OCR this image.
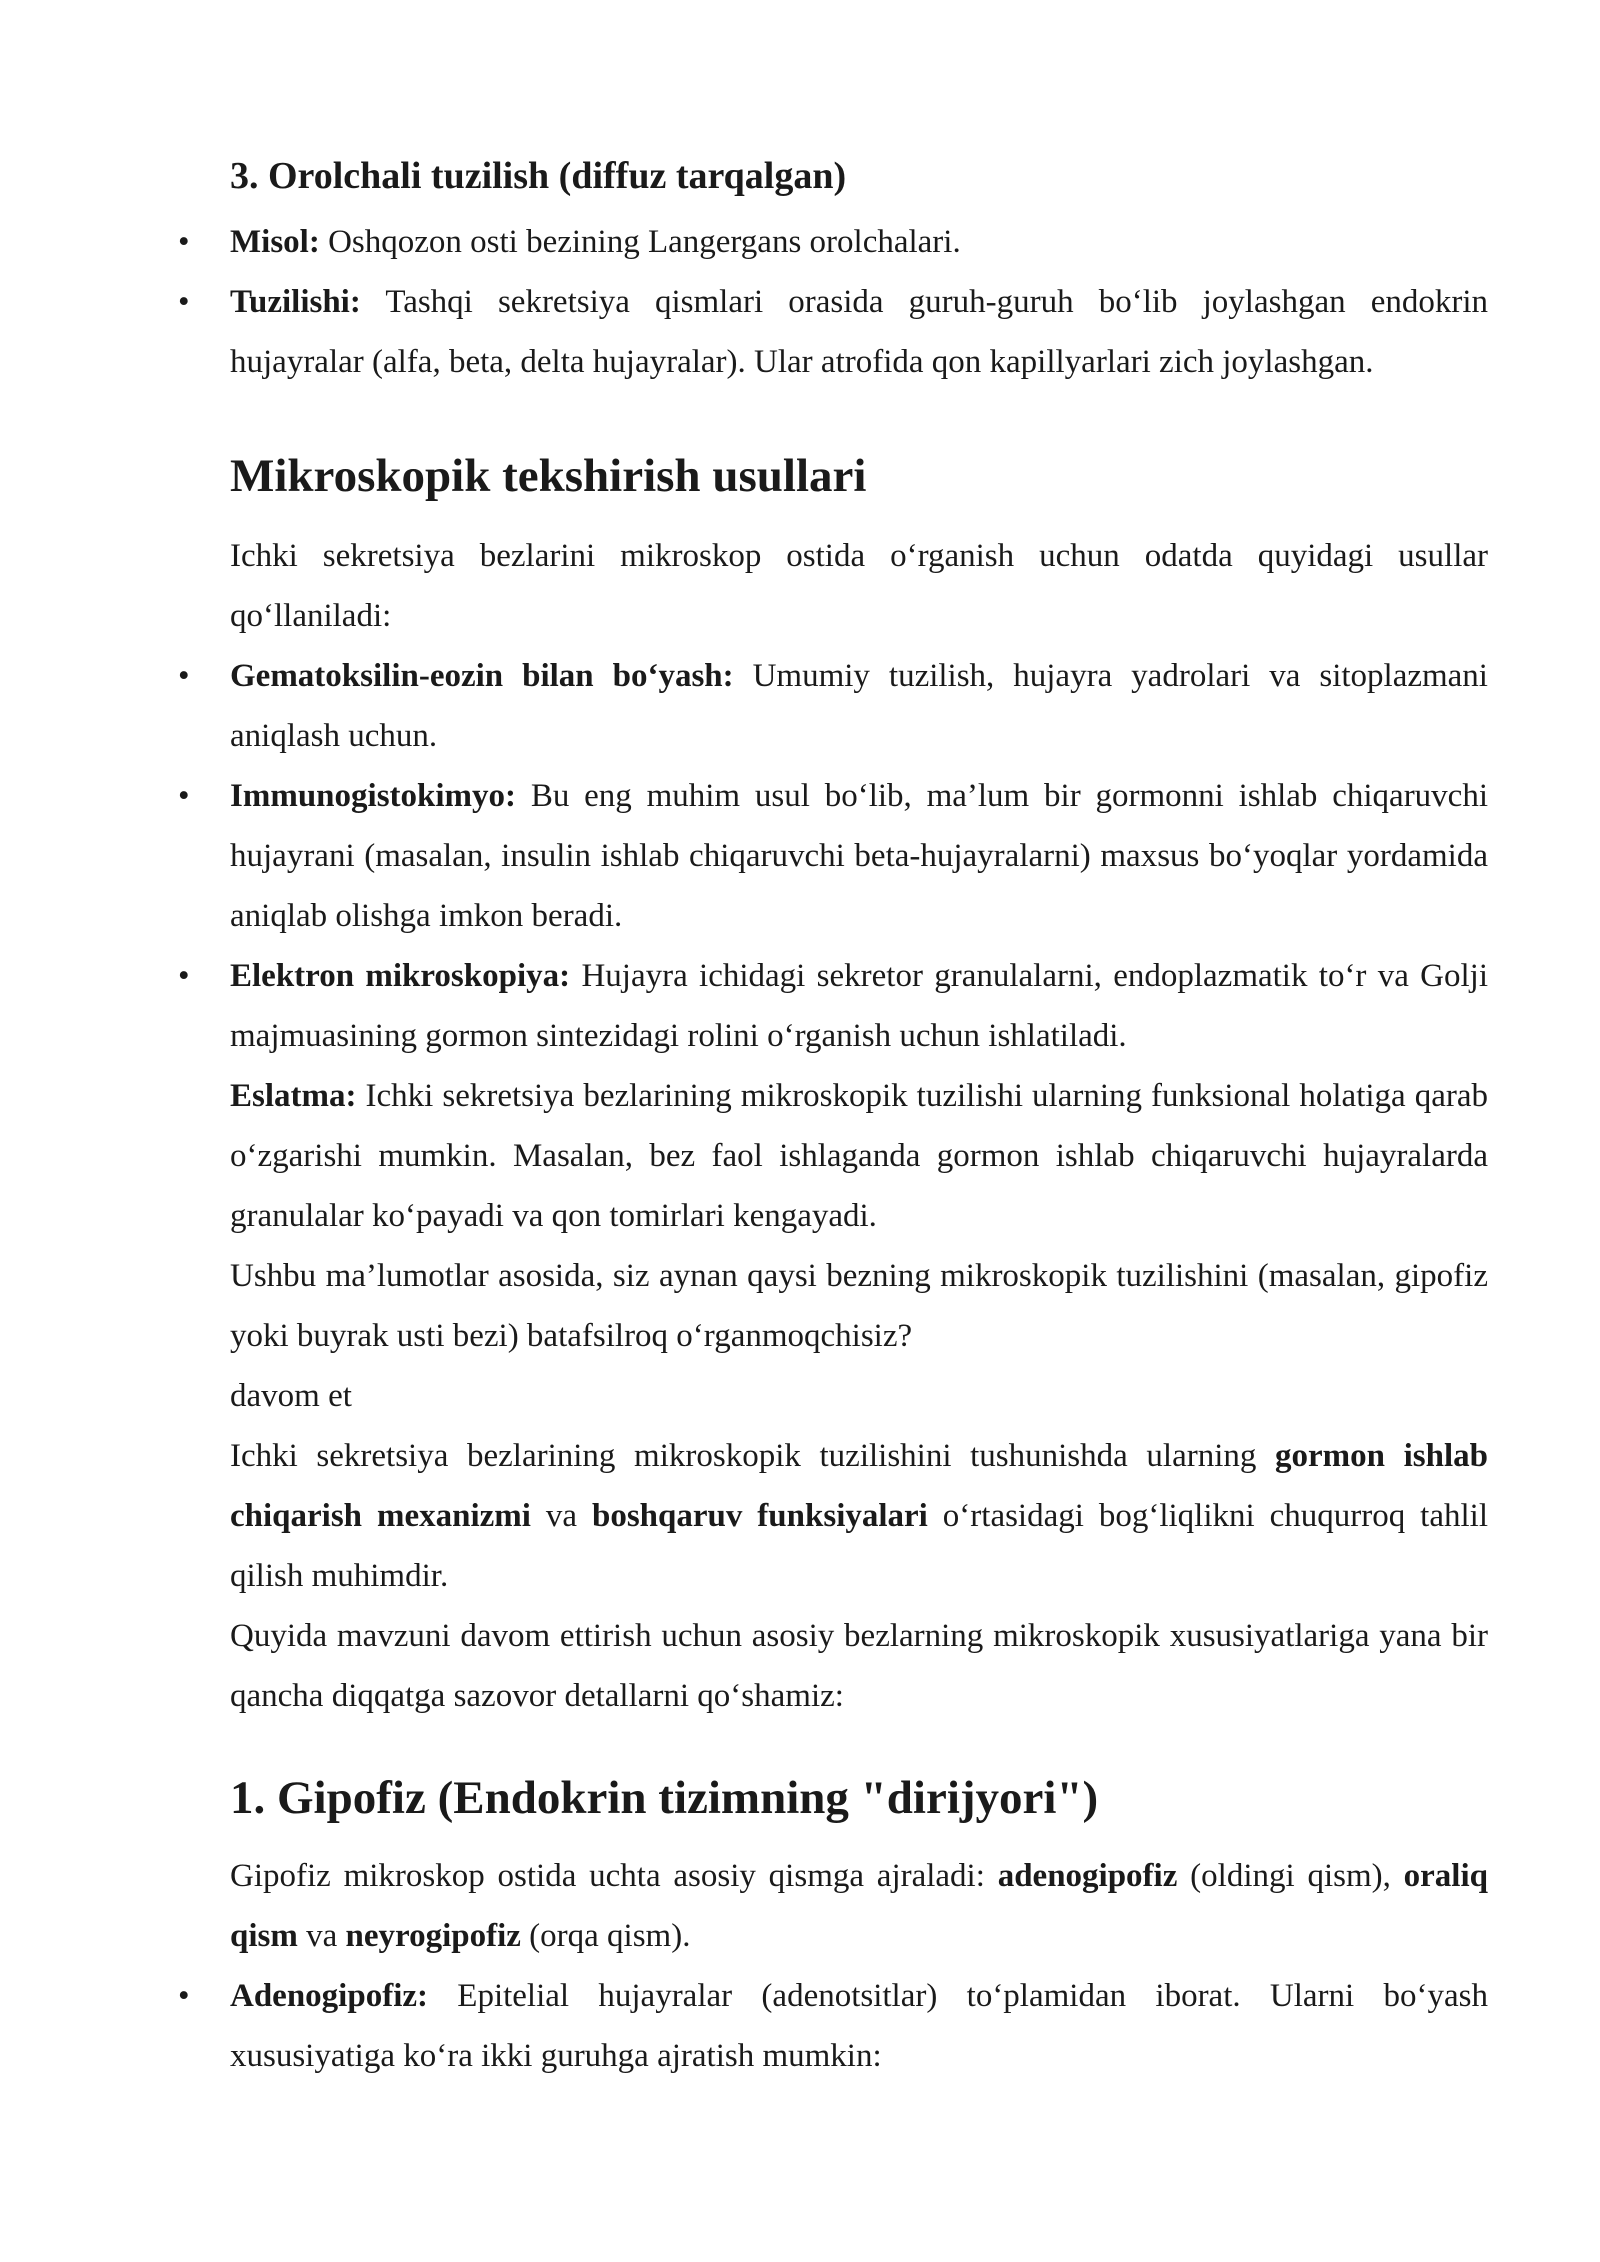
3. Orolchali tuzilish (diffuz tarqalgan)
• Misol: Oshqozon osti bezining Langergans orolchalari.
• Tuzilishi: Tashqi sekretsiya qismlari orasida guruh-guruh bo‘lib joylashgan endokrin hujayralar (alfa, beta, delta hujayralar). Ular atrofida qon kapillyarlari zich joylashgan.
Mikroskopik tekshirish usullari
Ichki sekretsiya bezlarini mikroskop ostida o‘rganish uchun odatda quyidagi usullar qo‘llaniladi:
• Gematoksilin-eozin bilan bo‘yash: Umumiy tuzilish, hujayra yadrolari va sitoplazmani aniqlash uchun.
• Immunogistokimyo: Bu eng muhim usul bo‘lib, ma’lum bir gormonni ishlab chiqaruvchi hujayrani (masalan, insulin ishlab chiqaruvchi beta-hujayralarni) maxsus bo‘yoqlar yordamida aniqlab olishga imkon beradi.
• Elektron mikroskopiya: Hujayra ichidagi sekretor granulalarni, endoplazmatik to‘r va Golji majmuasining gormon sintezidagi rolini o‘rganish uchun ishlatiladi.
Eslatma: Ichki sekretsiya bezlarining mikroskopik tuzilishi ularning funksional holatiga qarab o‘zgarishi mumkin. Masalan, bez faol ishlaganda gormon ishlab chiqaruvchi hujayralarda granulalar ko‘payadi va qon tomirlari kengayadi.
Ushbu ma’lumotlar asosida, siz aynan qaysi bezning mikroskopik tuzilishini (masalan, gipofiz yoki buyrak usti bezi) batafsilroq o‘rganmoqchisiz?
davom et
Ichki sekretsiya bezlarining mikroskopik tuzilishini tushunishda ularning gormon ishlab chiqarish mexanizmi va boshqaruv funksiyalari o‘rtasidagi bog‘liqlikni chuqurroq tahlil qilish muhimdir.
Quyida mavzuni davom ettirish uchun asosiy bezlarning mikroskopik xususiyatlariga yana bir qancha diqqatga sazovor detallarni qo‘shamiz:
1. Gipofiz (Endokrin tizimning "dirijyori")
Gipofiz mikroskop ostida uchta asosiy qismga ajraladi: adenogipofiz (oldingi qism), oraliq qism va neyrogipofiz (orqa qism).
• Adenogipofiz: Epitelial hujayralar (adenotsitlar) to‘plamidan iborat. Ularni bo‘yash xususiyatiga ko‘ra ikki guruhga ajratish mumkin:
